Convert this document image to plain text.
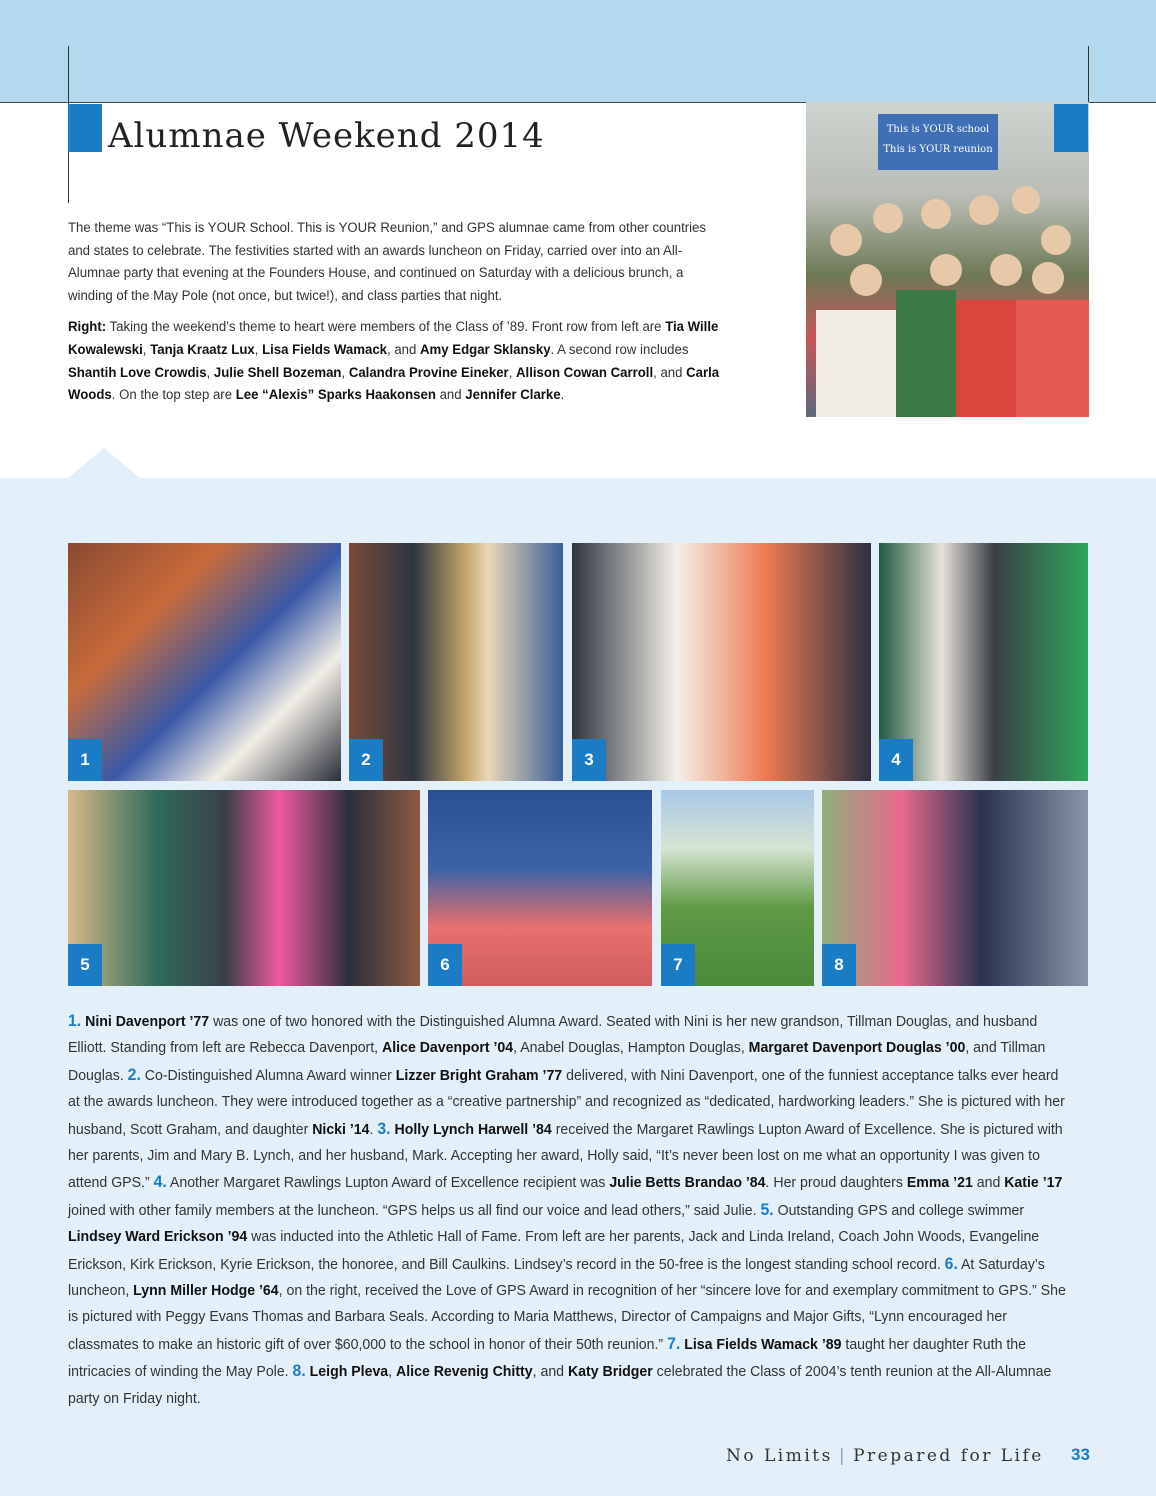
Alumnae Weekend 2014

The theme was “This is YOUR School. This is YOUR Reunion,” and GPS alumnae came from other countries and states to celebrate. The festivities started with an awards luncheon on Friday, carried over into an All-Alumnae party that evening at the Founders House, and continued on Saturday with a delicious brunch, a winding of the May Pole (not once, but twice!), and class parties that night.

Right: Taking the weekend’s theme to heart were members of the Class of ’89. Front row from left are Tia Wille Kowalewski, Tanja Kraatz Lux, Lisa Fields Wamack, and Amy Edgar Sklansky. A second row includes Shantih Love Crowdis, Julie Shell Bozeman, Calandra Provine Eineker, Allison Cowan Carroll, and Carla Woods. On the top step are Lee “Alexis” Sparks Haakonsen and Jennifer Clarke.

This is YOUR school
This is YOUR reunion
1	2	3	4
5	6	7	8
1. Nini Davenport ’77 was one of two honored with the Distinguished Alumna Award. Seated with Nini is her new grandson, Tillman Douglas, and husband Elliott. Standing from left are Rebecca Davenport, Alice Davenport ’04, Anabel Douglas, Hampton Douglas, Margaret Davenport Douglas ’00, and Tillman Douglas. 2. Co-Distinguished Alumna Award winner Lizzer Bright Graham ’77 delivered, with Nini Davenport, one of the funniest acceptance talks ever heard at the awards luncheon. They were introduced together as a “creative partnership” and recognized as “dedicated, hardworking leaders.” She is pictured with her husband, Scott Graham, and daughter Nicki ’14. 3. Holly Lynch Harwell ’84 received the Margaret Rawlings Lupton Award of Excellence. She is pictured with her parents, Jim and Mary B. Lynch, and her husband, Mark. Accepting her award, Holly said, “It’s never been lost on me what an opportunity I was given to attend GPS.” 4. Another Margaret Rawlings Lupton Award of Excellence recipient was Julie Betts Brandao ’84. Her proud daughters Emma ’21 and Katie ’17 joined with other family members at the luncheon. “GPS helps us all find our voice and lead others,” said Julie. 5. Outstanding GPS and college swimmer Lindsey Ward Erickson ’94 was inducted into the Athletic Hall of Fame. From left are her parents, Jack and Linda Ireland, Coach John Woods, Evangeline Erickson, Kirk Erickson, Kyrie Erickson, the honoree, and Bill Caulkins. Lindsey’s record in the 50-free is the longest standing school record. 6. At Saturday’s luncheon, Lynn Miller Hodge ’64, on the right, received the Love of GPS Award in recognition of her “sincere love for and exemplary commitment to GPS.” She is pictured with Peggy Evans Thomas and Barbara Seals. According to Maria Matthews, Director of Campaigns and Major Gifts, “Lynn encouraged her classmates to make an historic gift of over $60,000 to the school in honor of their 50th reunion.” 7. Lisa Fields Wamack ’89 taught her daughter Ruth the intricacies of winding the May Pole. 8. Leigh Pleva, Alice Revenig Chitty, and Katy Bridger celebrated the Class of 2004’s tenth reunion at the All-Alumnae party on Friday night.
No Limits | Prepared for Life 33
